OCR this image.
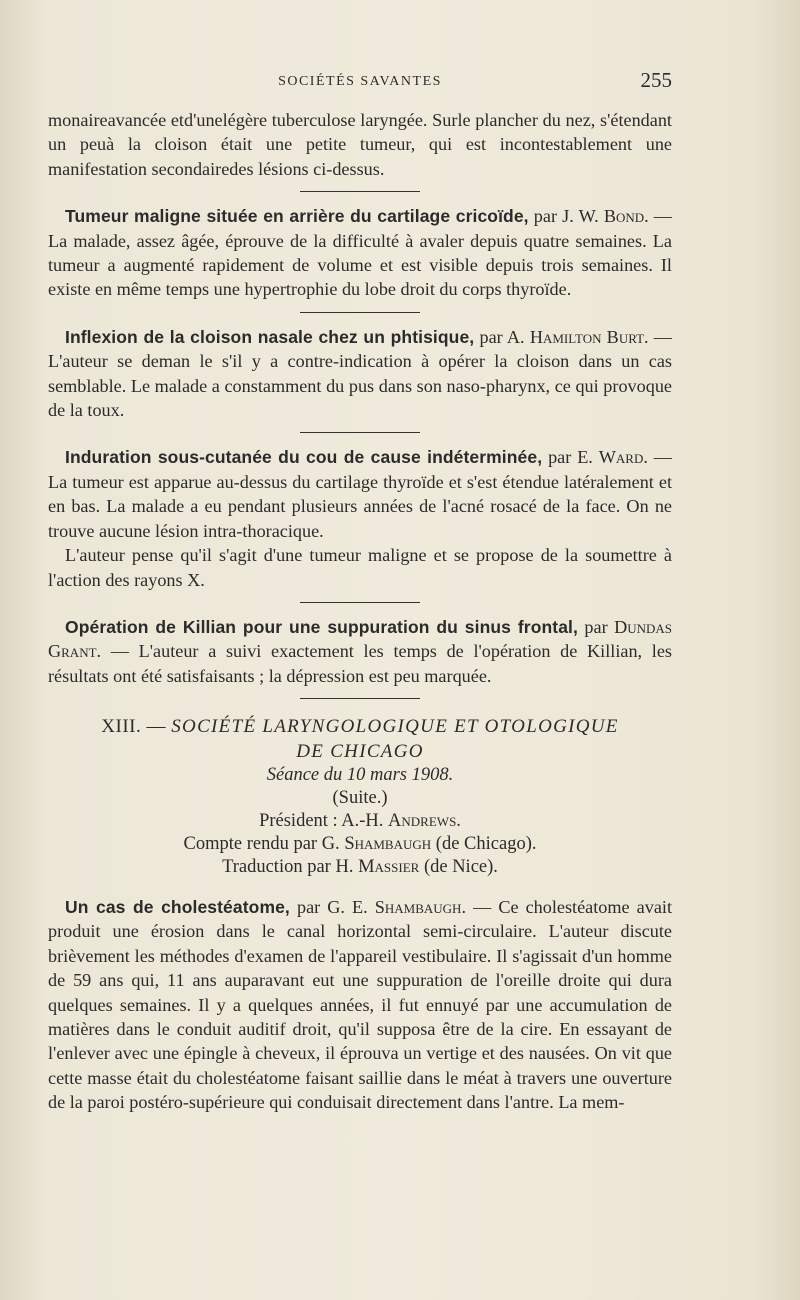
SOCIÉTÉS SAVANTES	255

monaireavancée etd'unelégère tuberculose laryngée. Surle plancher du nez, s'étendant un peuà la cloison était une petite tumeur, qui est incontestablement une manifestation secondairedes lésions ci-dessus.

Tumeur maligne située en arrière du cartilage cricoïde, par J. W. Bond. — La malade, assez âgée, éprouve de la difficulté à avaler depuis quatre semaines. La tumeur a augmenté rapidement de volume et est visible depuis trois semaines. Il existe en même temps une hypertrophie du lobe droit du corps thyroïde.

Inflexion de la cloison nasale chez un phtisique, par A. Hamilton Burt. — L'auteur se deman le s'il y a contre-indication à opérer la cloison dans un cas semblable. Le malade a constamment du pus dans son naso-pharynx, ce qui provoque de la toux.

Induration sous-cutanée du cou de cause indéterminée, par E. Ward. — La tumeur est apparue au-dessus du cartilage thyroïde et s'est étendue latéralement et en bas. La malade a eu pendant plusieurs années de l'acné rosacé de la face. On ne trouve aucune lésion intra-thoracique.

L'auteur pense qu'il s'agit d'une tumeur maligne et se propose de la soumettre à l'action des rayons X.

Opération de Killian pour une suppuration du sinus frontal, par Dundas Grant. — L'auteur a suivi exactement les temps de l'opération de Killian, les résultats ont été satisfaisants ; la dépression est peu marquée.

XIII. — SOCIÉTÉ LARYNGOLOGIQUE ET OTOLOGIQUE
DE CHICAGO
Séance du 10 mars 1908.
(Suite.)
Président : A.-H. Andrews.
Compte rendu par G. Shambaugh (de Chicago).
Traduction par H. Massier (de Nice).

Un cas de cholestéatome, par G. E. Shambaugh. — Ce cholestéatome avait produit une érosion dans le canal horizontal semi-circulaire. L'auteur discute brièvement les méthodes d'examen de l'appareil vestibulaire. Il s'agissait d'un homme de 59 ans qui, 11 ans auparavant eut une suppuration de l'oreille droite qui dura quelques semaines. Il y a quelques années, il fut ennuyé par une accumulation de matières dans le conduit auditif droit, qu'il supposa être de la cire. En essayant de l'enlever avec une épingle à cheveux, il éprouva un vertige et des nausées. On vit que cette masse était du cholestéatome faisant saillie dans le méat à travers une ouverture de la paroi postéro-supérieure qui conduisait directement dans l'antre. La mem-
